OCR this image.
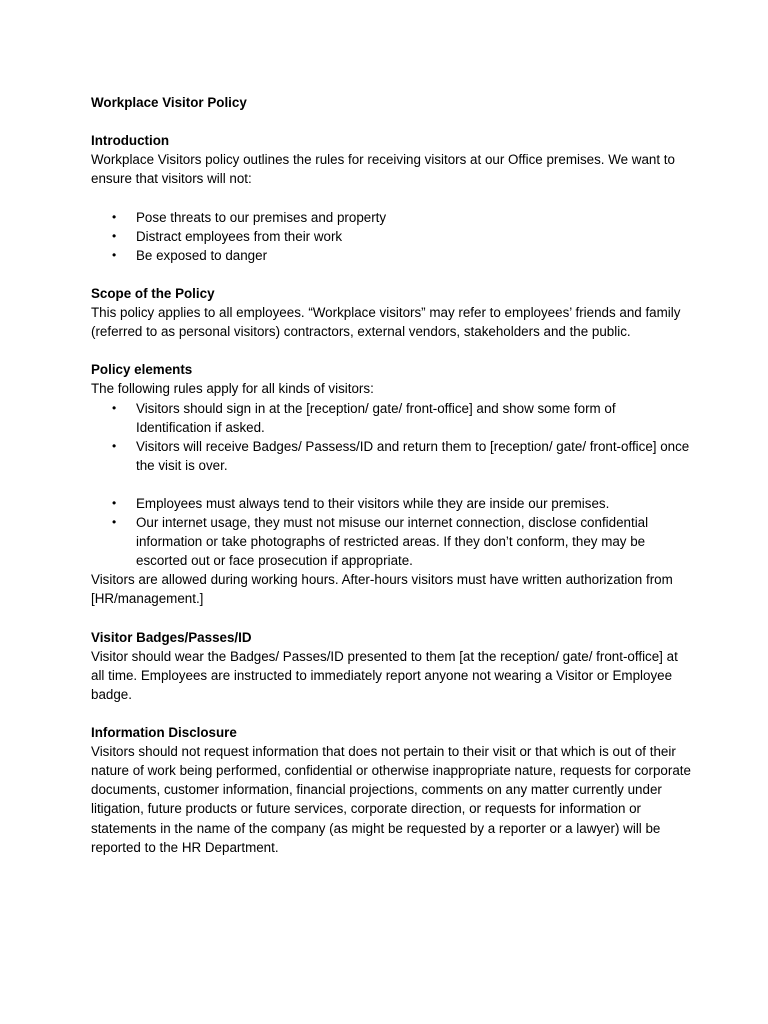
Workplace Visitor Policy

Introduction

Workplace Visitors policy outlines the rules for receiving visitors at our Office premises. We want to ensure that visitors will not:

• Pose threats to our premises and property
• Distract employees from their work
• Be exposed to danger

Scope of the Policy

This policy applies to all employees. “Workplace visitors” may refer to employees’ friends and family (referred to as personal visitors) contractors, external vendors, stakeholders and the public.

Policy elements

The following rules apply for all kinds of visitors:

• Visitors should sign in at the [reception/ gate/ front-office] and show some form of Identification if asked.
• Visitors will receive Badges/ Passess/ID and return them to [reception/ gate/ front-office] once the visit is over.
• Employees must always tend to their visitors while they are inside our premises.
• Our internet usage, they must not misuse our internet connection, disclose confidential information or take photographs of restricted areas. If they don’t conform, they may be escorted out or face prosecution if appropriate.

Visitors are allowed during working hours. After-hours visitors must have written authorization from [HR/management.]

Visitor Badges/Passes/ID

Visitor should wear the Badges/ Passes/ID presented to them [at the reception/ gate/ front-office] at all time. Employees are instructed to immediately report anyone not wearing a Visitor or Employee badge.

Information Disclosure

Visitors should not request information that does not pertain to their visit or that which is out of their nature of work being performed, confidential or otherwise inappropriate nature, requests for corporate documents, customer information, financial projections, comments on any matter currently under litigation, future products or future services, corporate direction, or requests for information or statements in the name of the company (as might be requested by a reporter or a lawyer) will be reported to the HR Department.
